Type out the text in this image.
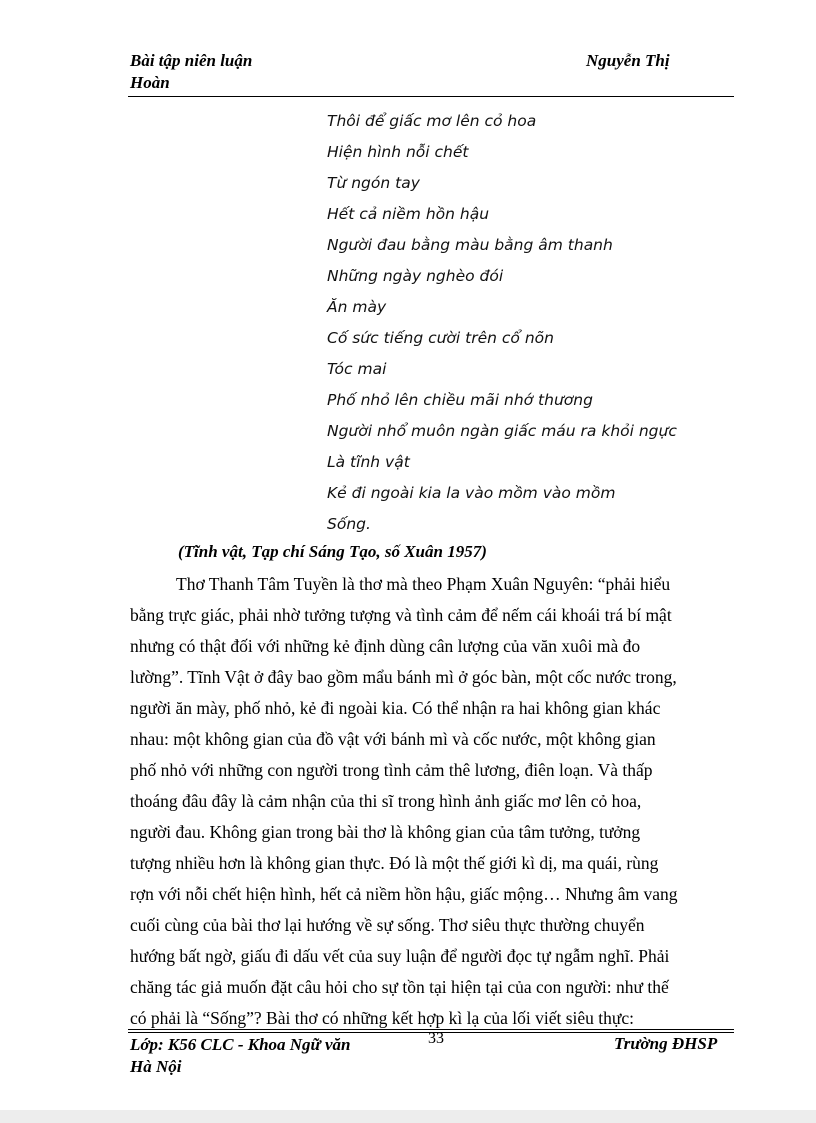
Bài tập niên luận
Hoàn
Nguyễn Thị
Thôi để giấc mơ lên cỏ hoa
Hiện hình nỗi chết
Từ ngón tay
Hết cả niềm hồn hậu
Người đau bằng màu bằng âm thanh
Những ngày nghèo đói
Ăn mày
Cố sức tiếng cười trên cổ nõn
Tóc mai
Phố nhỏ lên chiều mãi nhớ thương
Người nhổ muôn ngàn giấc máu ra khỏi ngực
Là tĩnh vật
Kẻ đi ngoài kia la vào mồm vào mồm
Sống.
(Tĩnh vật, Tạp chí Sáng Tạo, số Xuân 1957)
Thơ Thanh Tâm Tuyền là thơ mà theo Phạm Xuân Nguyên: “phải hiểu
bằng trực giác, phải nhờ tưởng tượng và tình cảm để nếm cái khoái trá bí mật
nhưng có thật đối với những kẻ định dùng cân lượng của văn xuôi mà đo
lường”. Tĩnh Vật ở đây bao gồm mẩu bánh mì ở góc bàn, một cốc nước trong,
người ăn mày, phố nhỏ, kẻ đi ngoài kia. Có thể nhận ra hai không gian khác
nhau: một không gian của đồ vật với bánh mì và cốc nước, một không gian
phố nhỏ với những con người trong tình cảm thê lương, điên loạn. Và thấp
thoáng đâu đây là cảm nhận của thi sĩ trong hình ảnh giấc mơ lên cỏ hoa,
người đau. Không gian trong bài thơ là không gian của tâm tưởng, tưởng
tượng nhiều hơn là không gian thực. Đó là một thế giới kì dị, ma quái, rùng
rợn với nỗi chết hiện hình, hết cả niềm hồn hậu, giấc mộng… Nhưng âm vang
cuối cùng của bài thơ lại hướng về sự sống. Thơ siêu thực thường chuyển
hướng bất ngờ, giấu đi dấu vết của suy luận để người đọc tự ngẫm nghĩ. Phải
chăng tác giả muốn đặt câu hỏi cho sự tồn tại hiện tại của con người: như thế
có phải là “Sống”? Bài thơ có những kết hợp kì lạ của lối viết siêu thực:
Lớp: K56 CLC - Khoa Ngữ văn
Hà Nội
33	Trường ĐHSP
